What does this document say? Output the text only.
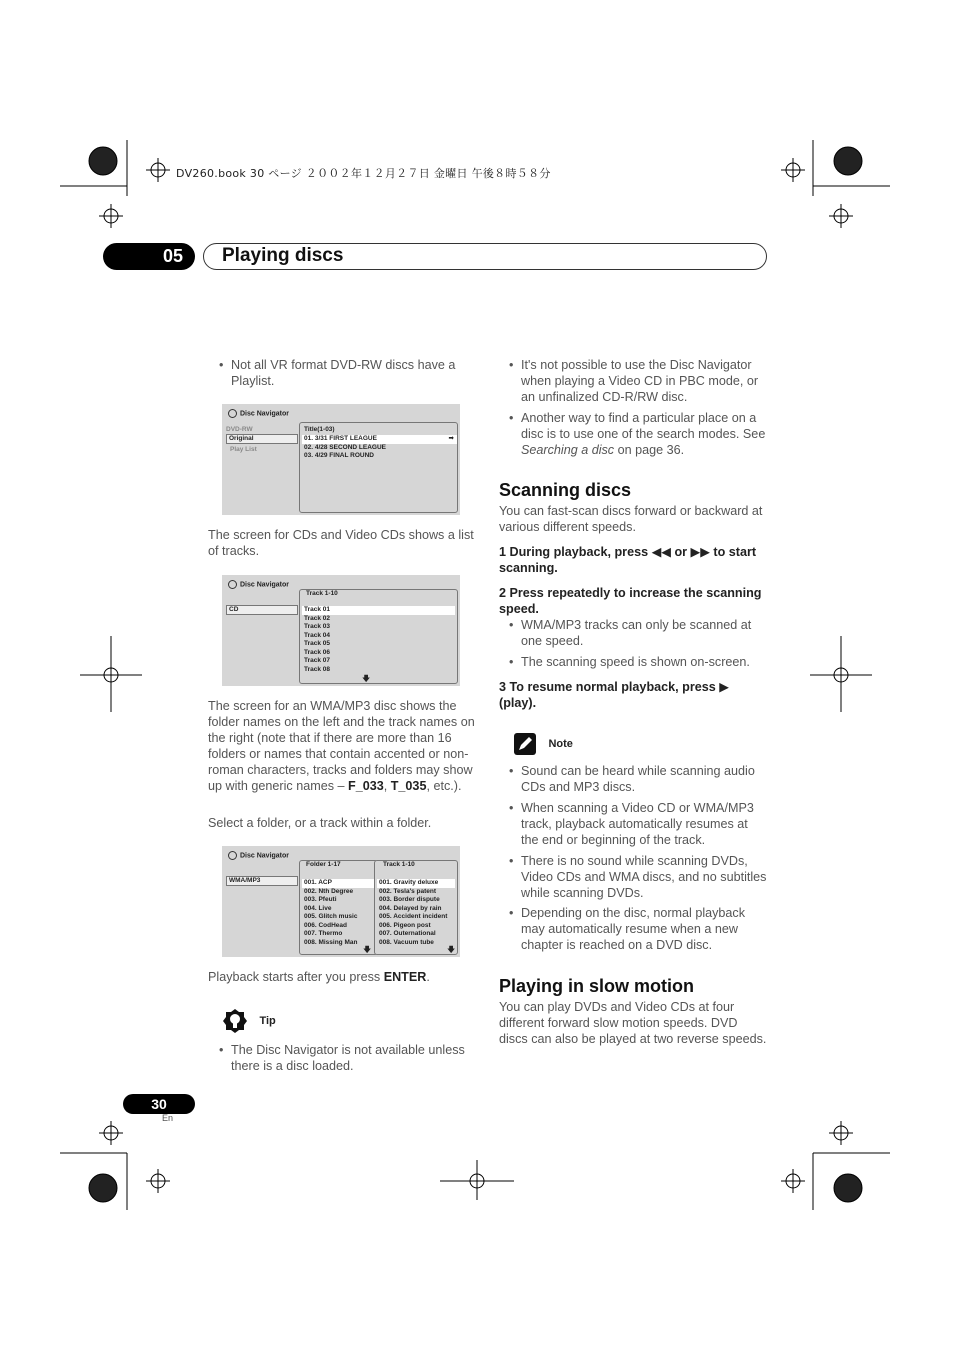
DV260.book 30 ページ ２００２年１２月２７日 金曜日 午後８時５８分
05	Playing discs
• Not all VR format DVD-RW discs have a Playlist.
Disc Navigator
DVD-RW
Original
Play List
Title(1-03)
01. 3/31 FIRST LEAGUE	➡
02. 4/28 SECOND LEAGUE
03. 4/29 FINAL ROUND
The screen for CDs and Video CDs shows a list of tracks.
Disc Navigator
CD
Track 1-10
Track 01
Track 02
Track 03
Track 04
Track 05
Track 06
Track 07
Track 08
🡇
The screen for an WMA/MP3 disc shows the folder names on the left and the track names on the right (note that if there are more than 16 folders or names that contain accented or non-roman characters, tracks and folders may show up with generic names – F_033, T_035, etc.).
Select a folder, or a track within a folder.
Disc Navigator
WMA/MP3
Folder 1-17
001. ACP
002. Nth Degree
003. Pfeuti
004. Live
005. Glitch music
006. CodHead
007. Thermo
008. Missing Man
🡇
Track 1-10
001. Gravity deluxe
002. Tesla's patent
003. Border dispute
004. Delayed by rain
005. Accident incident
006. Pigeon post
007. Outernational
008. Vacuum tube
🡇
Playback starts after you press ENTER.
Tip
• The Disc Navigator is not available unless there is a disc loaded.
• It's not possible to use the Disc Navigator when playing a Video CD in PBC mode, or an unfinalized CD-R/RW disc.
• Another way to find a particular place on a disc is to use one of the search modes. See Searching a disc on page 36.
Scanning discs
You can fast-scan discs forward or backward at various different speeds.
1 During playback, press ◀◀ or ▶▶ to start scanning.
2 Press repeatedly to increase the scanning speed.
• WMA/MP3 tracks can only be scanned at one speed.
• The scanning speed is shown on-screen.
3 To resume normal playback, press ▶ (play).
Note
• Sound can be heard while scanning audio CDs and MP3 discs.
• When scanning a Video CD or WMA/MP3 track, playback automatically resumes at the end or beginning of the track.
• There is no sound while scanning DVDs, Video CDs and WMA discs, and no subtitles while scanning DVDs.
• Depending on the disc, normal playback may automatically resume when a new chapter is reached on a DVD disc.
Playing in slow motion
You can play DVDs and Video CDs at four different forward slow motion speeds. DVD discs can also be played at two reverse speeds.
30
En
